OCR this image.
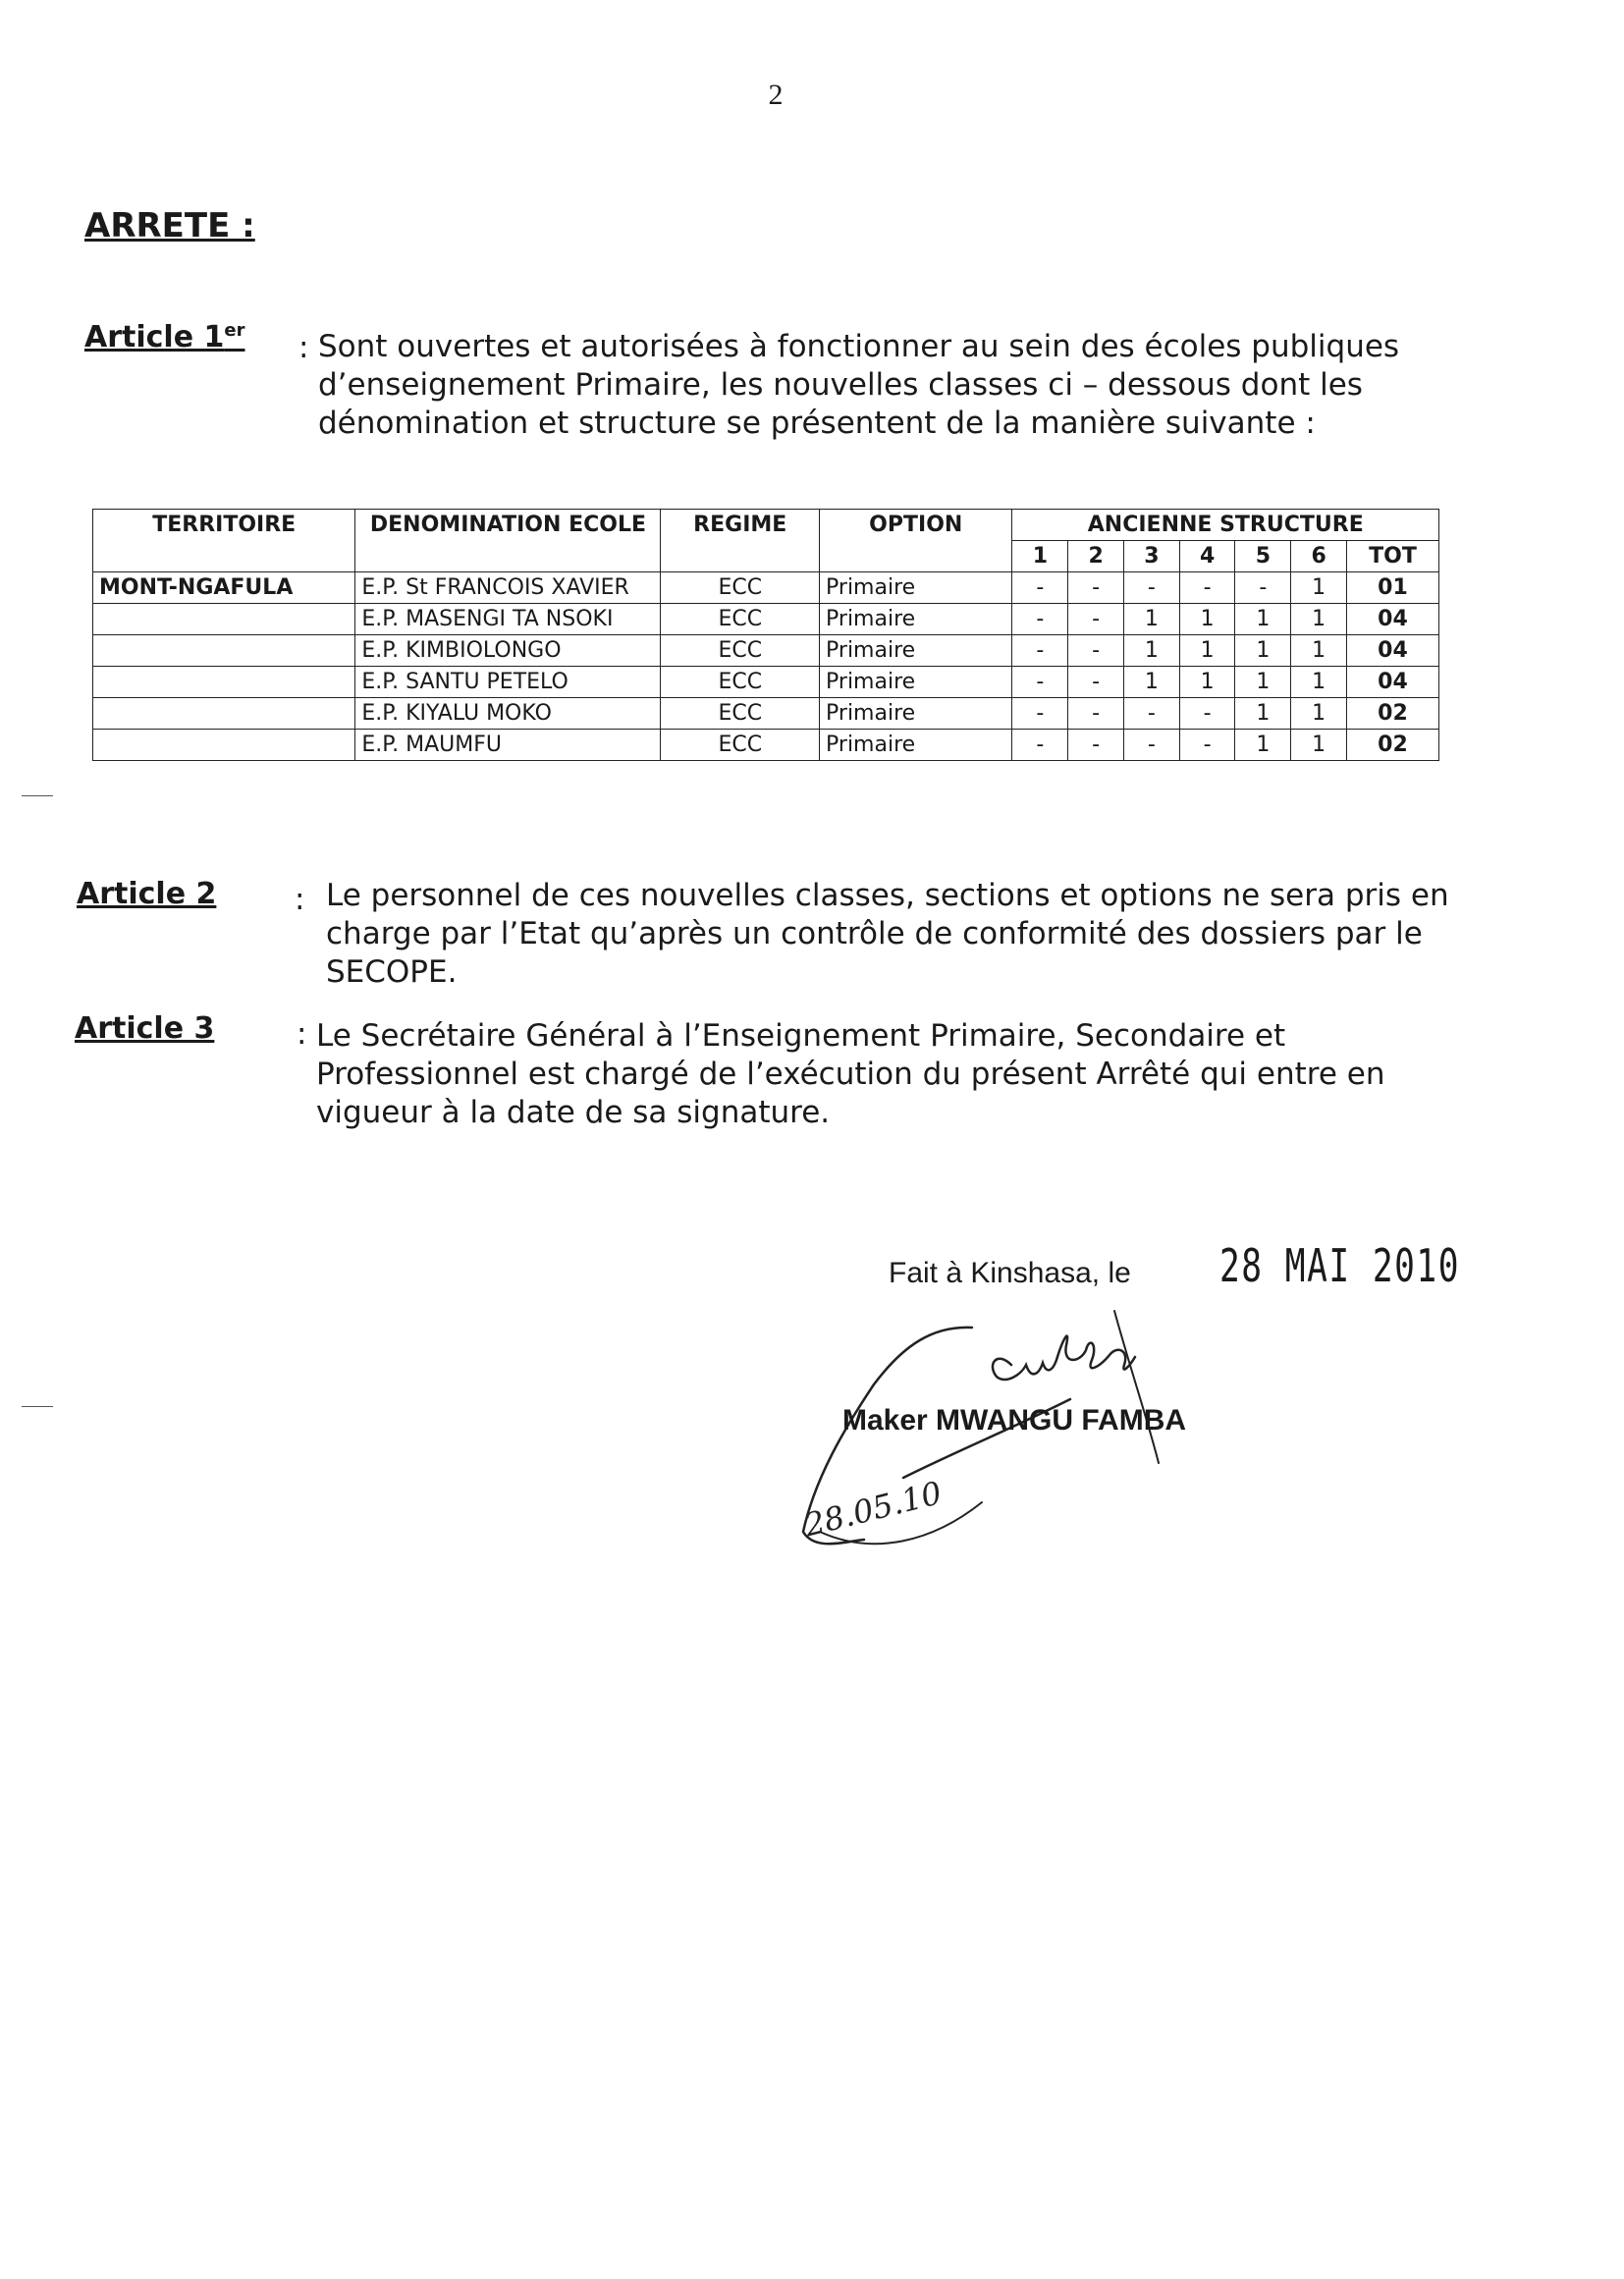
2
ARRETE :
Article 1er : Sont ouvertes et autorisées à fonctionner au sein des écoles publiques
d’enseignement Primaire, les nouvelles classes ci – dessous dont les
dénomination et structure se présentent de la manière suivante :
TERRITOIRE	DENOMINATION ECOLE	REGIME	OPTION	ANCIENNE STRUCTURE						
				1	2	3	4	5	6	TOT
MONT-NGAFULA	E.P. St FRANCOIS XAVIER	ECC	Primaire	-	-	-	-	-	1	01
	E.P. MASENGI TA NSOKI	ECC	Primaire	-	-	1	1	1	1	04
	E.P. KIMBIOLONGO	ECC	Primaire	-	-	1	1	1	1	04
	E.P. SANTU PETELO	ECC	Primaire	-	-	1	1	1	1	04
	E.P. KIYALU MOKO	ECC	Primaire	-	-	-	-	1	1	02
	E.P. MAUMFU	ECC	Primaire	-	-	-	-	1	1	02
Article 2	: Le personnel de ces nouvelles classes, sections et options ne sera pris en
charge par l’Etat qu’après un contrôle de conformité des dossiers par le
SECOPE.
Article 3	: Le Secrétaire Général à l’Enseignement Primaire, Secondaire et
Professionnel est chargé de l’exécution du présent Arrêté qui entre en
vigueur à la date de sa signature.
Fait à Kinshasa, le 28 MAI 2010
28.05.10
Maker MWANGU FAMBA
